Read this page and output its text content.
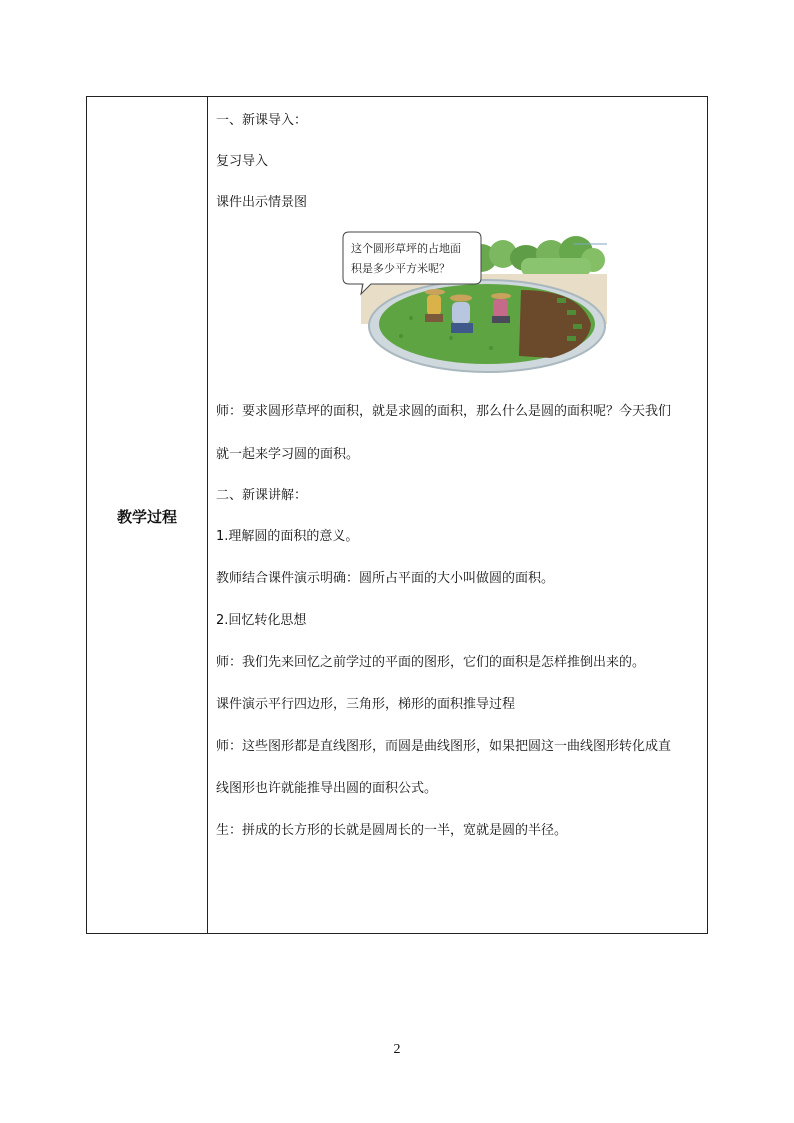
教学过程
一、新课导入：
复习导入
课件出示情景图
这个圆形草坪的占地面
积是多少平方米呢？
师：要求圆形草坪的面积，就是求圆的面积，那么什么是圆的面积呢？今天我们
就一起来学习圆的面积。
二、新课讲解：
1.理解圆的面积的意义。
教师结合课件演示明确：圆所占平面的大小叫做圆的面积。
2.回忆转化思想
师：我们先来回忆之前学过的平面的图形，它们的面积是怎样推倒出来的。
课件演示平行四边形，三角形，梯形的面积推导过程
师：这些图形都是直线图形，而圆是曲线图形，如果把圆这一曲线图形转化成直
线图形也许就能推导出圆的面积公式。
生：拼成的长方形的长就是圆周长的一半，宽就是圆的半径。
2
